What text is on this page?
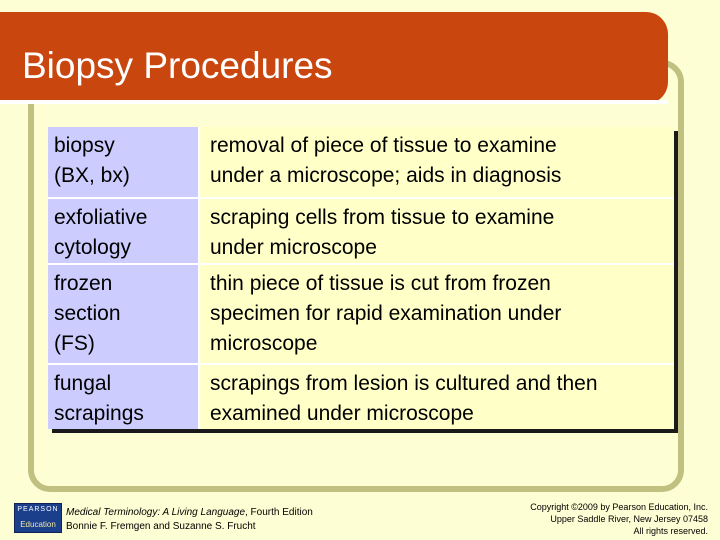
Biopsy Procedures
biopsy
(BX, bx)	removal of piece of tissue to examine
under a microscope; aids in diagnosis

exfoliative
cytology	scraping cells from tissue to examine
under microscope

frozen
section
(FS)	thin piece of tissue is cut from frozen
specimen for rapid examination under
microscope

fungal
scrapings	scrapings from lesion is cultured and then
examined under microscope
PEARSON
Education
Medical Terminology: A Living Language, Fourth Edition
Bonnie F. Fremgen and Suzanne S. Frucht
Copyright ©2009 by Pearson Education, Inc.
Upper Saddle River, New Jersey 07458
All rights reserved.
